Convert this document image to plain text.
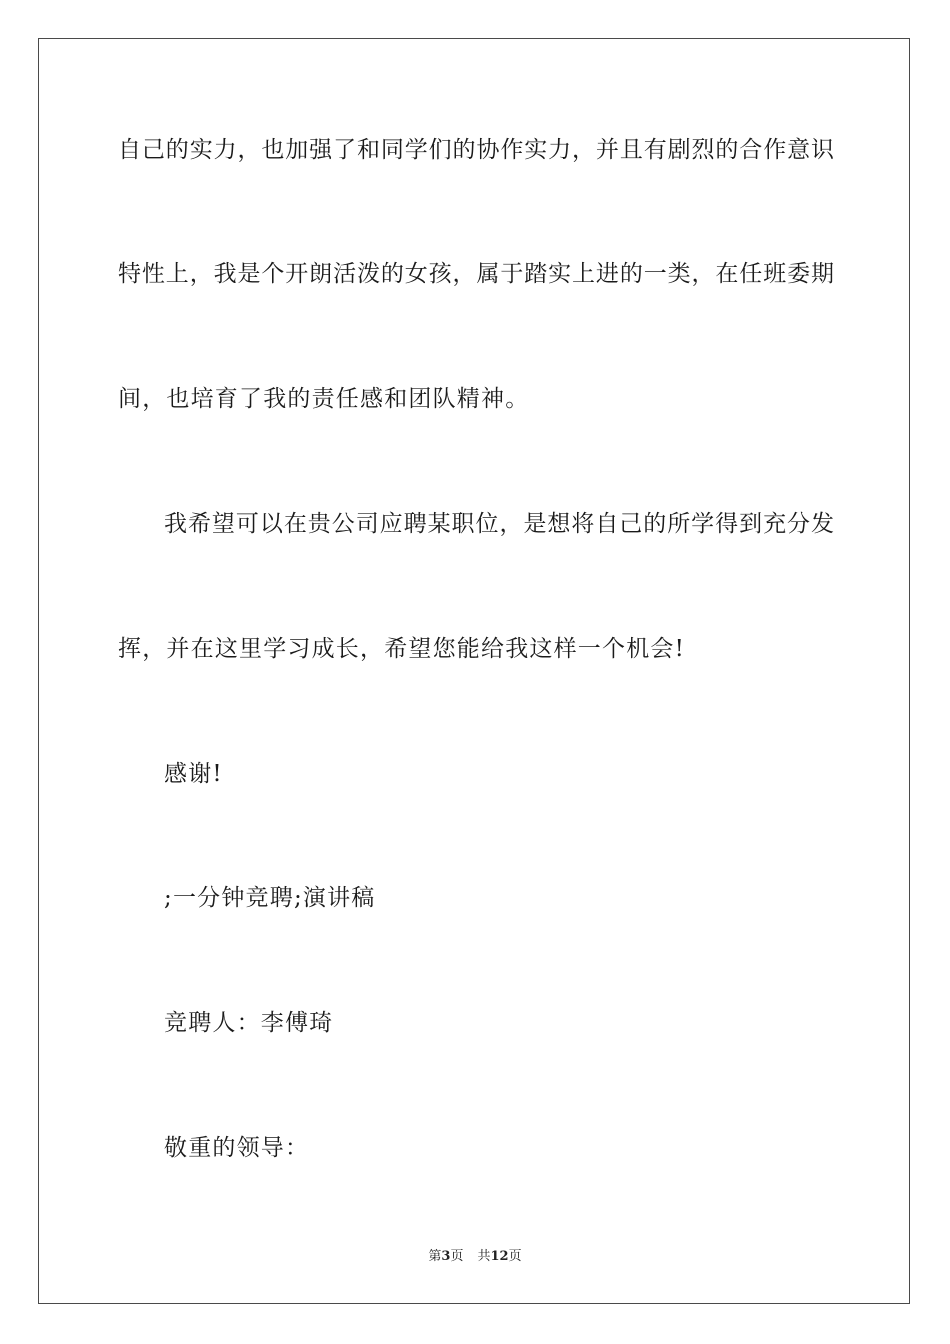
自己的实力，也加强了和同学们的协作实力，并且有剧烈的合作意识
特性上，我是个开朗活泼的女孩，属于踏实上进的一类，在任班委期
间，也培育了我的责任感和团队精神。
我希望可以在贵公司应聘某职位，是想将自己的所学得到充分发
挥，并在这里学习成长，希望您能给我这样一个机会!
感谢!
;一分钟竞聘;演讲稿
竞聘人：李傅琦
敬重的领导：
第3页 共12页
